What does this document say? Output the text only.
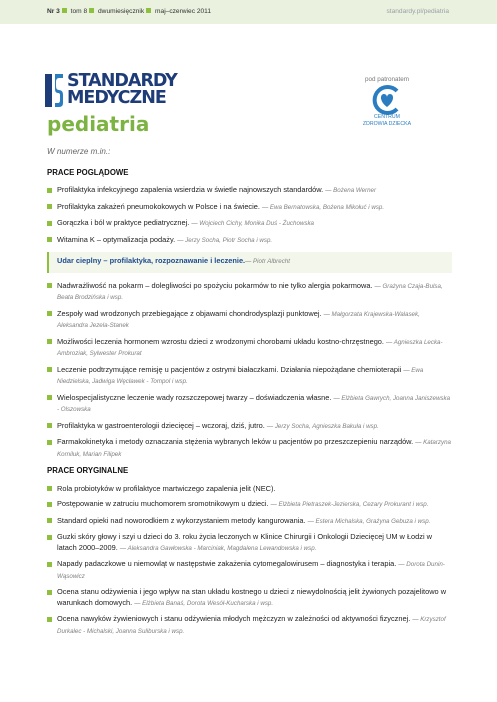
Nr 3 tom 8 dwumiesięcznik maj–czerwiec 2011	standardy.pl/pediatria
STANDARDY
MEDYCZNE
pediatria
pod patronatem
CENTRUM
ZDROWIA DZIECKA
W numerze m.in.:
PRACE POGLĄDOWE
Profilaktyka infekcyjnego zapalenia wsierdzia w świetle najnowszych standardów. — Bożena Werner
Profilaktyka zakażeń pneumokokowych w Polsce i na świecie. — Ewa Bernatowska, Bożena Mikołuć i wsp.
Gorączka i ból w praktyce pediatrycznej. — Wojciech Cichy, Monika Duś - Żuchowska
Witamina K – optymalizacja podaży. — Jerzy Socha, Piotr Socha i wsp.
Udar cieplny – profilaktyka, rozpoznawanie i leczenie.— Piotr Albrecht
Nadwrażliwość na pokarm – dolegliwości po spożyciu pokarmów to nie tylko alergia pokarmowa. — Grażyna Czaja-Bulsa, Beata Brodzińska i wsp.
Zespoły wad wrodzonych przebiegające z objawami chondrodysplazji punktowej. — Małgorzata Krajewska-Walasek, Aleksandra Jezela-Stanek
Możliwości leczenia hormonem wzrostu dzieci z wrodzonymi chorobami układu kostno-chrzęstnego. — Agnieszka Lecka-Ambroziak, Sylwester Prokurat
Leczenie podtrzymujące remisję u pacjentów z ostrymi białaczkami. Działania niepożądane chemioterapii — Ewa Niedzielska, Jadwiga Węcławek - Tompol i wsp.
Wielospecjalistyczne leczenie wady rozszczepowej twarzy – doświadczenia własne. — Elżbieta Gawrych, Joanna Janiszewska - Olszowska
Profilaktyka w gastroenterologii dziecięcej – wczoraj, dziś, jutro. — Jerzy Socha, Agnieszka Bakuła i wsp.
Farmakokinetyka i metody oznaczania stężenia wybranych leków u pacjentów po przeszczepieniu narządów. — Katarzyna Korniluk, Marian Filipek
PRACE ORYGINALNE
Rola probiotyków w profilaktyce martwiczego zapalenia jelit (NEC).
Postępowanie w zatruciu muchomorem sromotnikowym u dzieci. — Elżbieta Pietraszek-Jezierska, Cezary Prokurant i wsp.
Standard opieki nad noworodkiem z wykorzystaniem metody kangurowania. — Estera Michalska, Grażyna Gebuza i wsp.
Guzki skóry głowy i szyi u dzieci do 3. roku życia leczonych w Klinice Chirurgii i Onkologii Dziecięcej UM w Łodzi w latach 2000–2009. — Aleksandra Gawłowska - Marciniak, Magdalena Lewandowska i wsp.
Napady padaczkowe u niemowląt w następstwie zakażenia cytomegalowirusem – diagnostyka i terapia. — Dorota Dunin-Wąsowicz
Ocena stanu odżywienia i jego wpływ na stan układu kostnego u dzieci z niewydolnością jelit żywionych pozajelitowo w warunkach domowych. — Elżbieta Banaś, Dorota Wesół-Kucharska i wsp.
Ocena nawyków żywieniowych i stanu odżywienia młodych mężczyzn w zależności od aktywności fizycznej. — Krzysztof Durkalec - Michalski, Joanna Suliburska i wsp.
